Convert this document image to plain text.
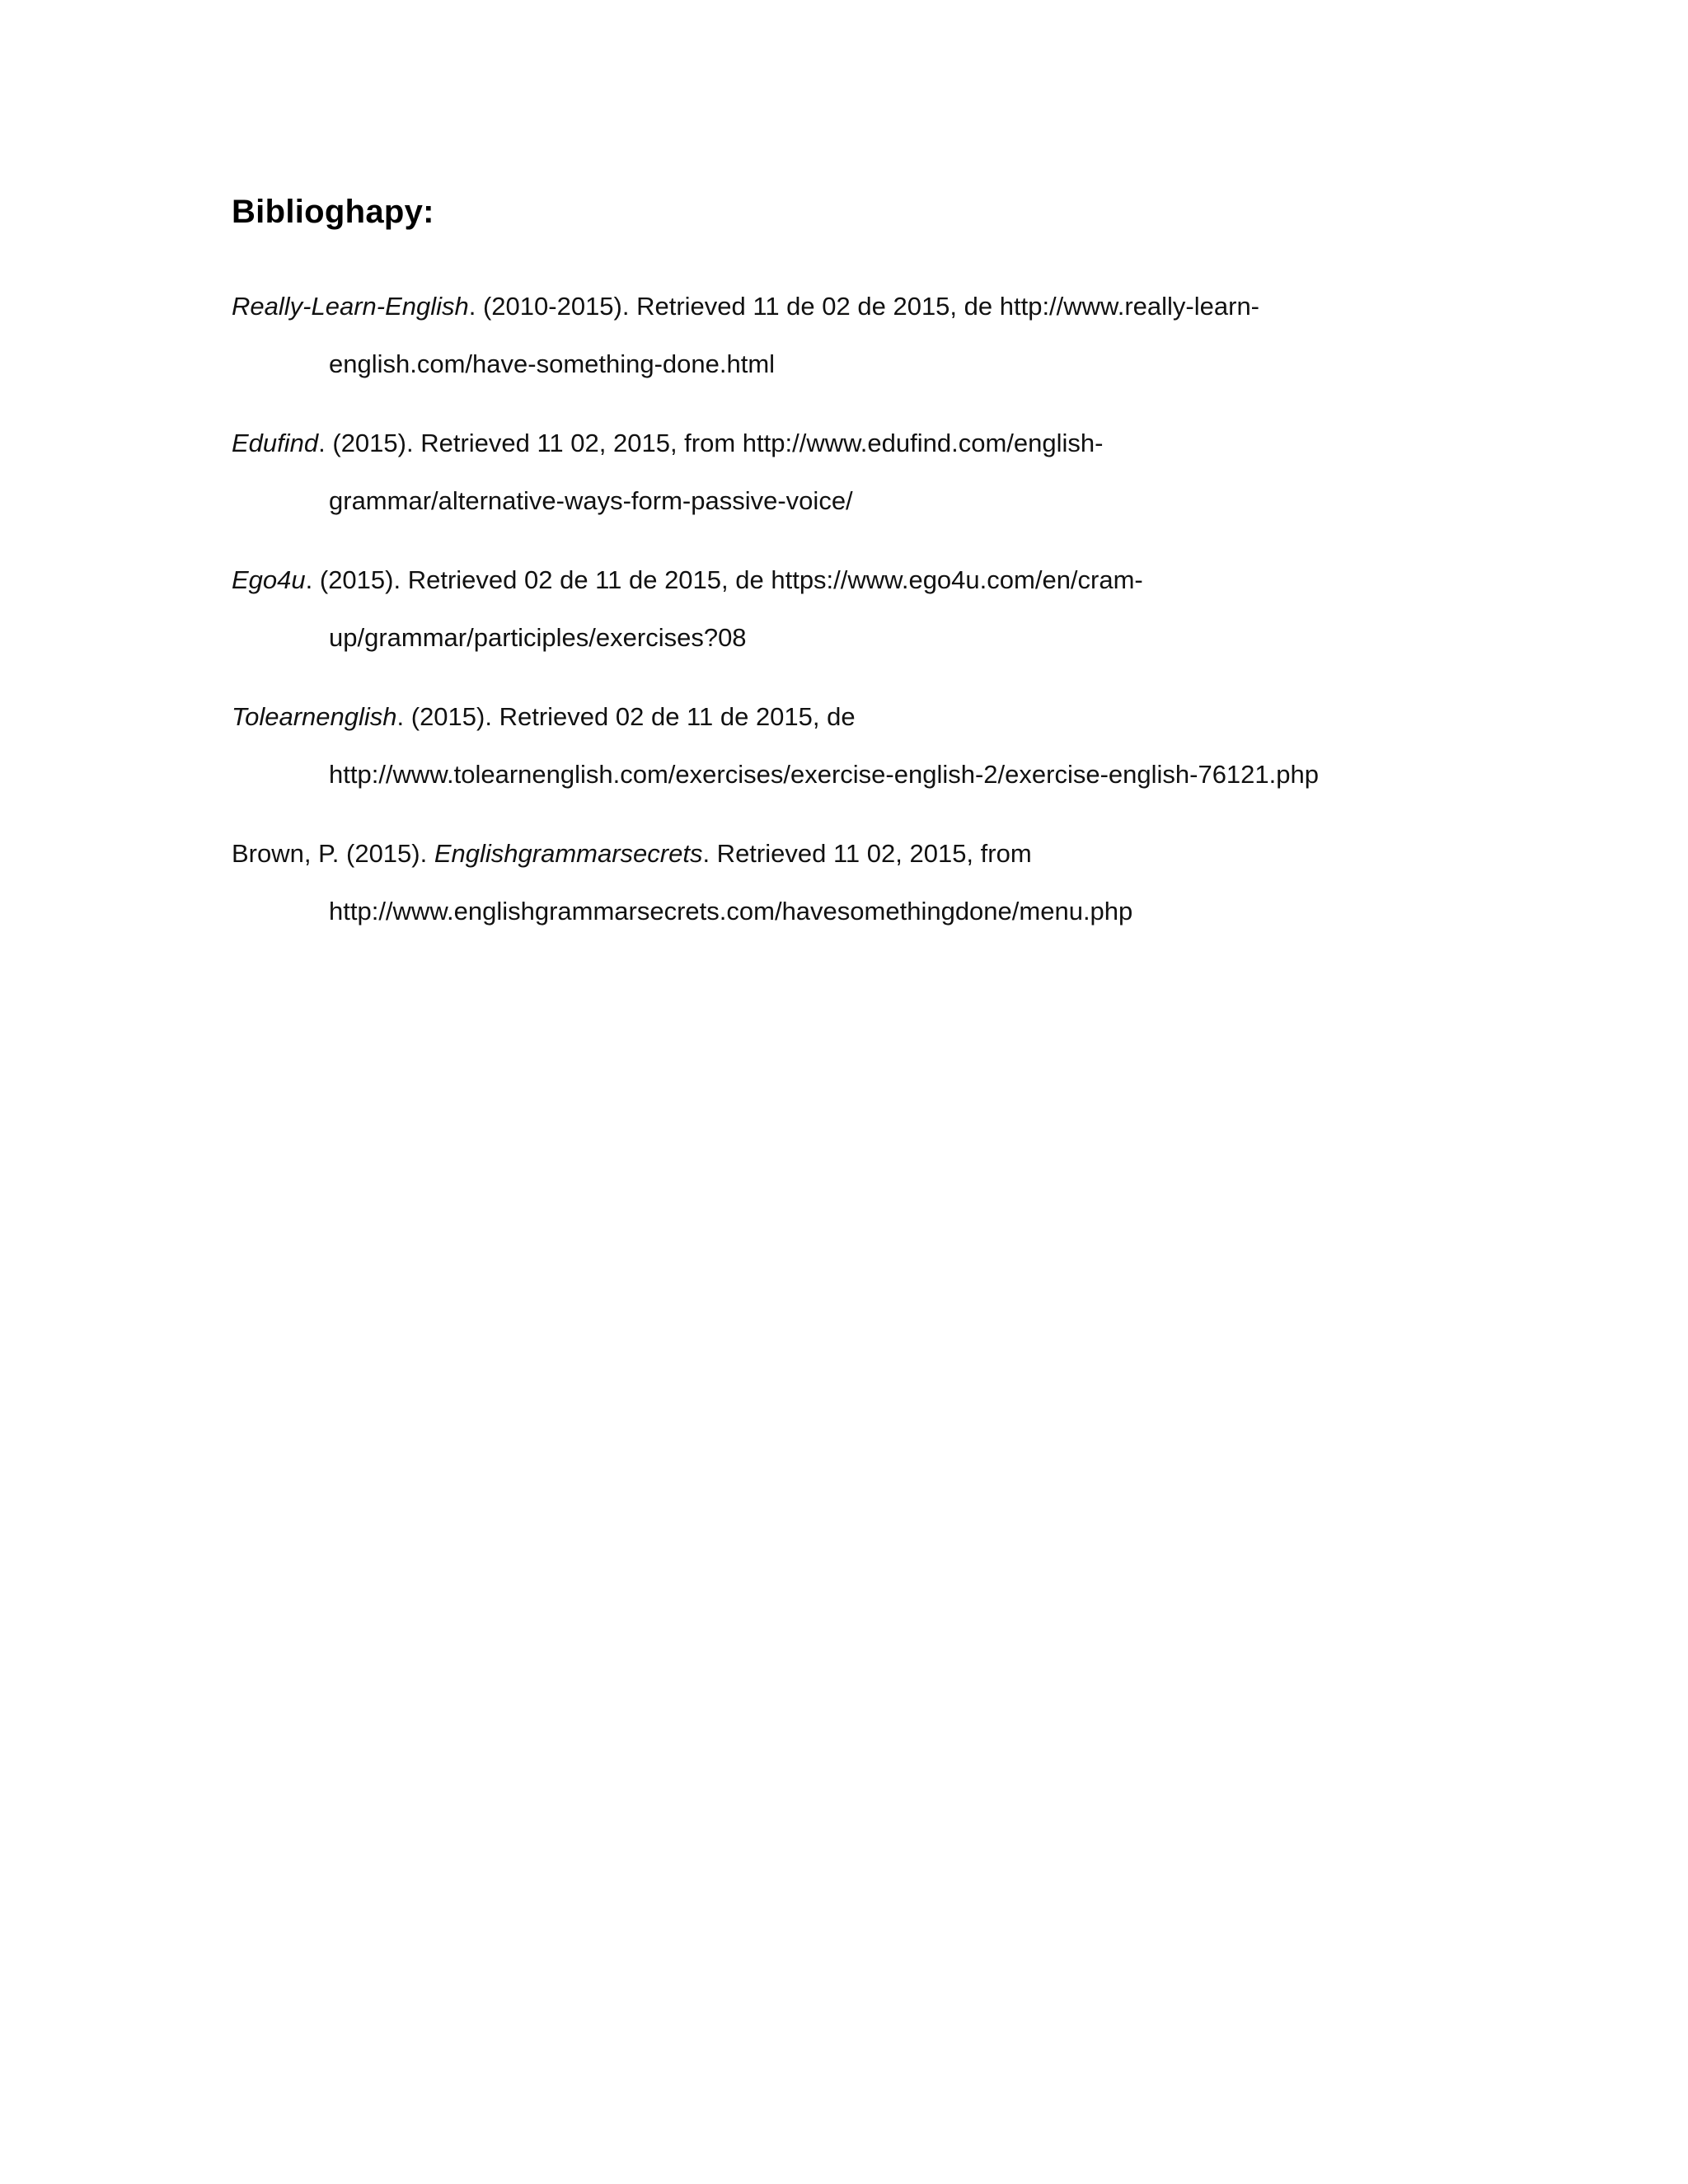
Biblioghapy:
Really-Learn-English. (2010-2015). Retrieved 11 de 02 de 2015, de http://www.really-learn-
english.com/have-something-done.html
Edufind. (2015). Retrieved 11 02, 2015, from http://www.edufind.com/english-
grammar/alternative-ways-form-passive-voice/
Ego4u. (2015). Retrieved 02 de 11 de 2015, de https://www.ego4u.com/en/cram-
up/grammar/participles/exercises?08
Tolearnenglish. (2015). Retrieved 02 de 11 de 2015, de
http://www.tolearnenglish.com/exercises/exercise-english-2/exercise-english-76121.php
Brown, P. (2015). Englishgrammarsecrets. Retrieved 11 02, 2015, from
http://www.englishgrammarsecrets.com/havesomethingdone/menu.php
